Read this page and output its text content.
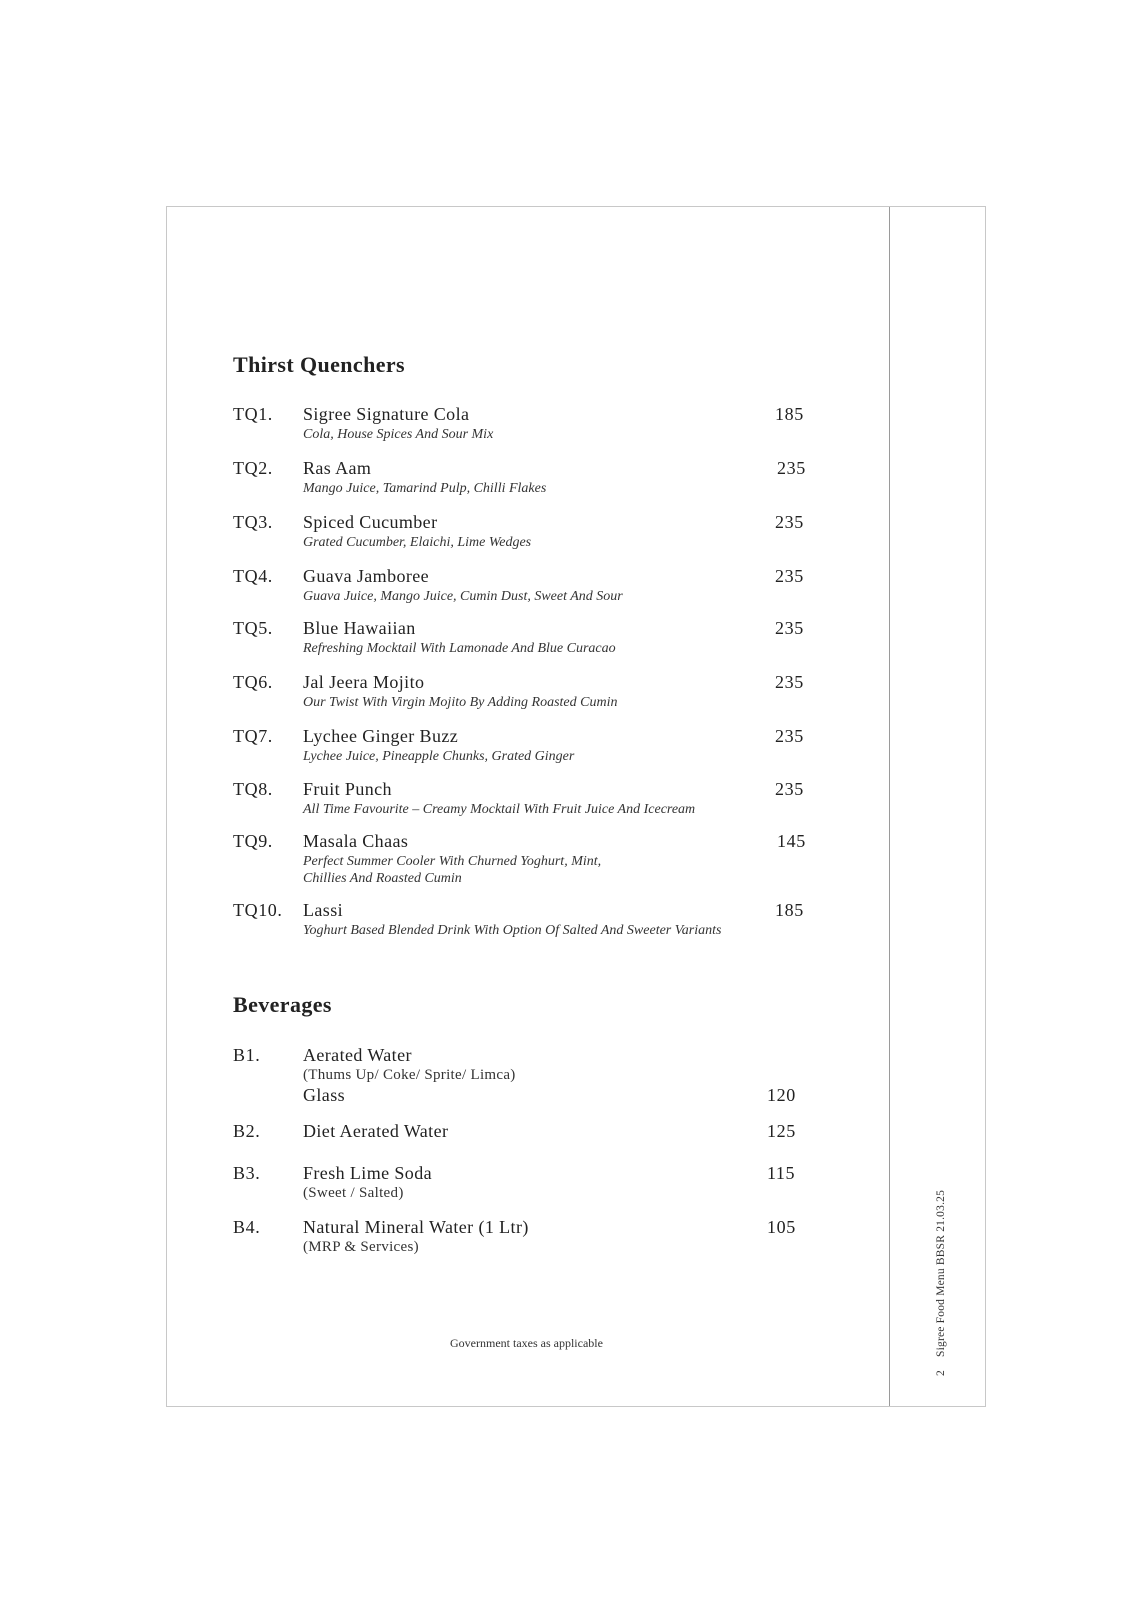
Thirst Quenchers
TQ1. Sigree Signature Cola	185
Cola, House Spices And Sour Mix
TQ2. Ras Aam	235
Mango Juice, Tamarind Pulp, Chilli Flakes
TQ3. Spiced Cucumber	235
Grated Cucumber, Elaichi, Lime Wedges
TQ4. Guava Jamboree	235
Guava Juice, Mango Juice, Cumin Dust, Sweet And Sour
TQ5. Blue Hawaiian	235
Refreshing Mocktail With Lamonade And Blue Curacao
TQ6. Jal Jeera Mojito	235
Our Twist With Virgin Mojito By Adding Roasted Cumin
TQ7. Lychee Ginger Buzz	235
Lychee Juice, Pineapple Chunks, Grated Ginger
TQ8. Fruit Punch	235
All Time Favourite – Creamy Mocktail With Fruit Juice And Icecream
TQ9. Masala Chaas	145
Perfect Summer Cooler With Churned Yoghurt, Mint,
Chillies And Roasted Cumin
TQ10. Lassi	185
Yoghurt Based Blended Drink With Option Of Salted And Sweeter Variants
Beverages
B1. Aerated Water
(Thums Up/ Coke/ Sprite/ Limca)
Glass	120
B2. Diet Aerated Water	125
B3. Fresh Lime Soda	115
(Sweet / Salted)
B4. Natural Mineral Water (1 Ltr)	105
(MRP & Services)
Government taxes as applicable
2 Sigree Food Menu BBSR 21.03.25
